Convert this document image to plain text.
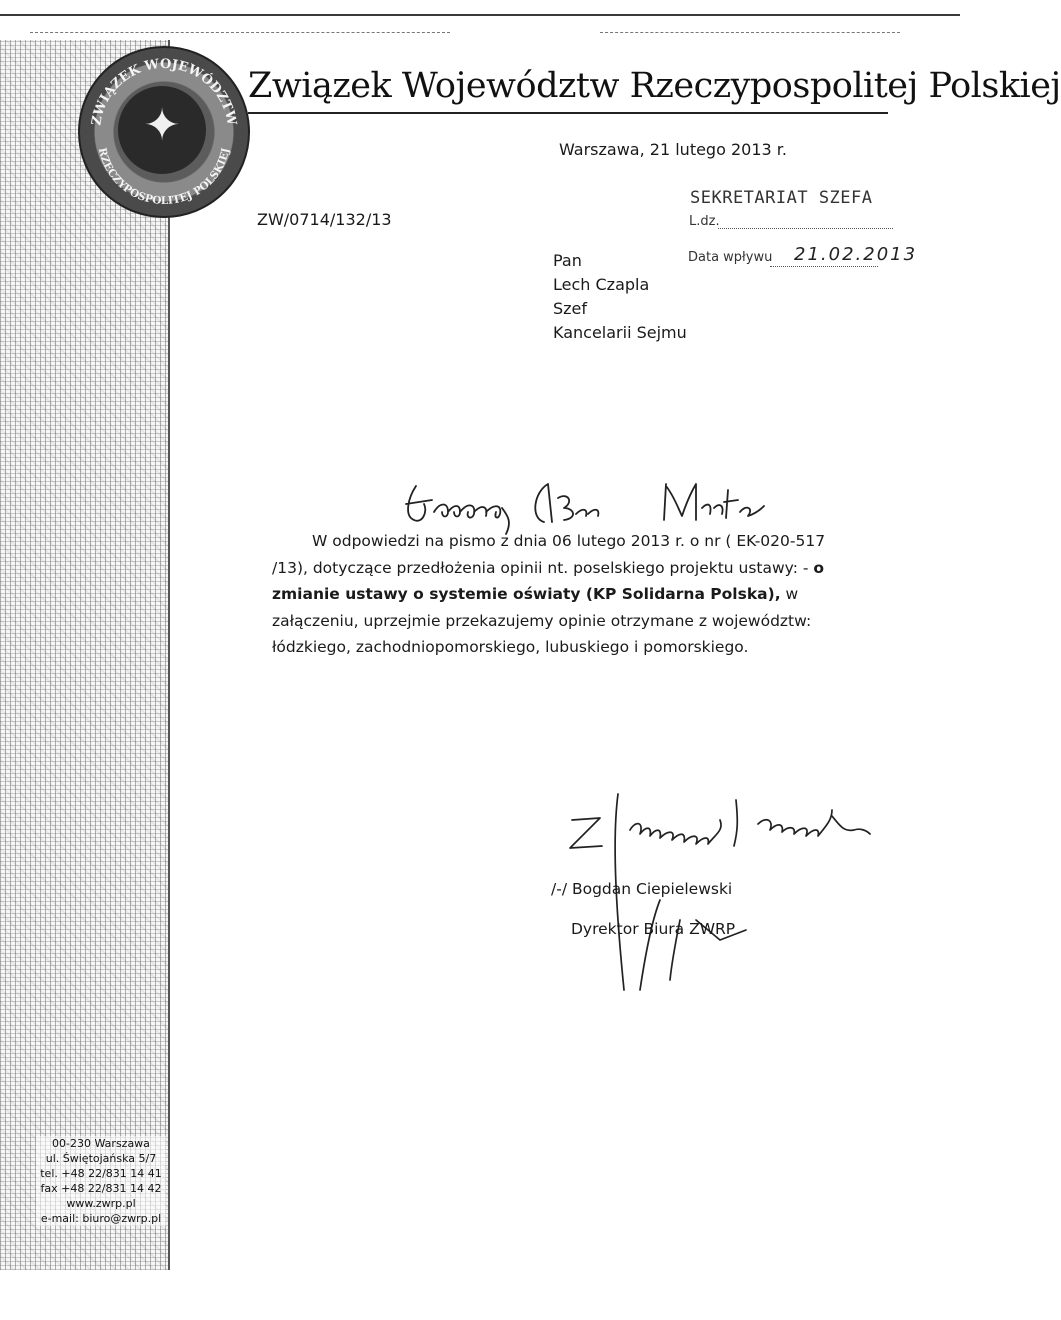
ZWIĄZEK WOJEWÓDZTW
RZECZYPOSPOLITEJ POLSKIEJ
✦
Związek Województw Rzeczypospolitej Polskiej
Warszawa, 21 lutego 2013 r.
ZW/0714/132/13
Pan
Lech Czapla
Szef
Kancelarii Sejmu
SEKRETARIAT SZEFA
L.dz.
Data wpływu 21.02.2013

W odpowiedzi na pismo z dnia 06 lutego 2013 r. o nr ( EK-020-517 /13), dotyczące przedłożenia opinii nt. poselskiego projektu ustawy: - o zmianie ustawy o systemie oświaty (KP Solidarna Polska), w załączeniu, uprzejmie przekazujemy opinie otrzymane z województw: łódzkiego, zachodniopomorskiego, lubuskiego i pomorskiego.

/-/ Bogdan Ciepielewski
Dyrektor Biura ZWRP
00-230 Warszawa
ul. Świętojańska 5/7
tel. +48 22/831 14 41
fax +48 22/831 14 42
www.zwrp.pl
e-mail: biuro@zwrp.pl
